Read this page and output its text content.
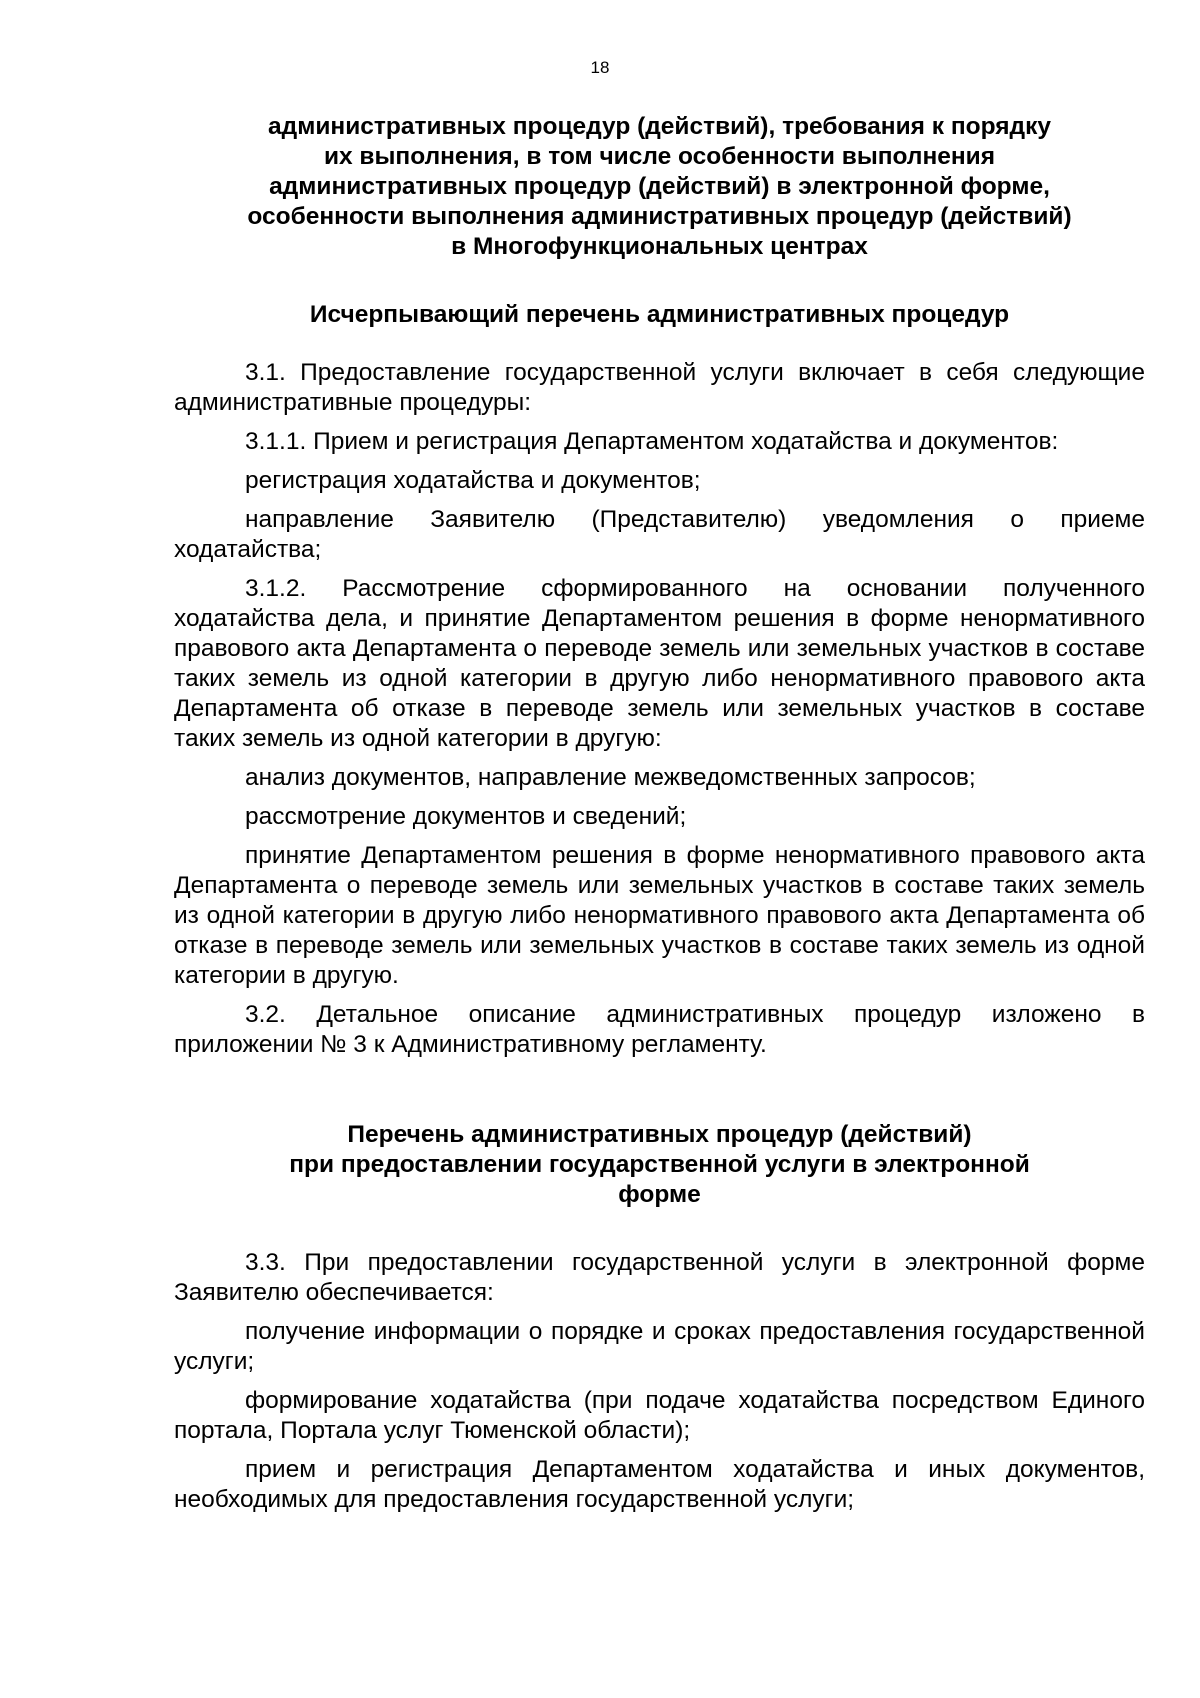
18
административных процедур (действий), требования к порядку
их выполнения, в том числе особенности выполнения
административных процедур (действий) в электронной форме,
особенности выполнения административных процедур (действий)
в Многофункциональных центрах
Исчерпывающий перечень административных процедур

3.1. Предоставление государственной услуги включает в себя следующие административные процедуры:

3.1.1. Прием и регистрация Департаментом ходатайства и документов:

регистрация ходатайства и документов;

направление Заявителю (Представителю) уведомления о приеме ходатайства;

3.1.2. Рассмотрение сформированного на основании полученного ходатайства дела, и принятие Департаментом решения в форме ненормативного правового акта Департамента о переводе земель или земельных участков в составе таких земель из одной категории в другую либо ненормативного правового акта Департамента об отказе в переводе земель или земельных участков в составе таких земель из одной категории в другую:

анализ документов, направление межведомственных запросов;

рассмотрение документов и сведений;

принятие Департаментом решения в форме ненормативного правового акта Департамента о переводе земель или земельных участков в составе таких земель из одной категории в другую либо ненормативного правового акта Департамента об отказе в переводе земель или земельных участков в составе таких земель из одной категории в другую.

3.2. Детальное описание административных процедур изложено в приложении № 3 к Административному регламенту.

Перечень административных процедур (действий)
при предоставлении государственной услуги в электронной
форме

3.3. При предоставлении государственной услуги в электронной форме Заявителю обеспечивается:

получение информации о порядке и сроках предоставления государственной услуги;

формирование ходатайства (при подаче ходатайства посредством Единого портала, Портала услуг Тюменской области);

прием и регистрация Департаментом ходатайства и иных документов, необходимых для предоставления государственной услуги;
